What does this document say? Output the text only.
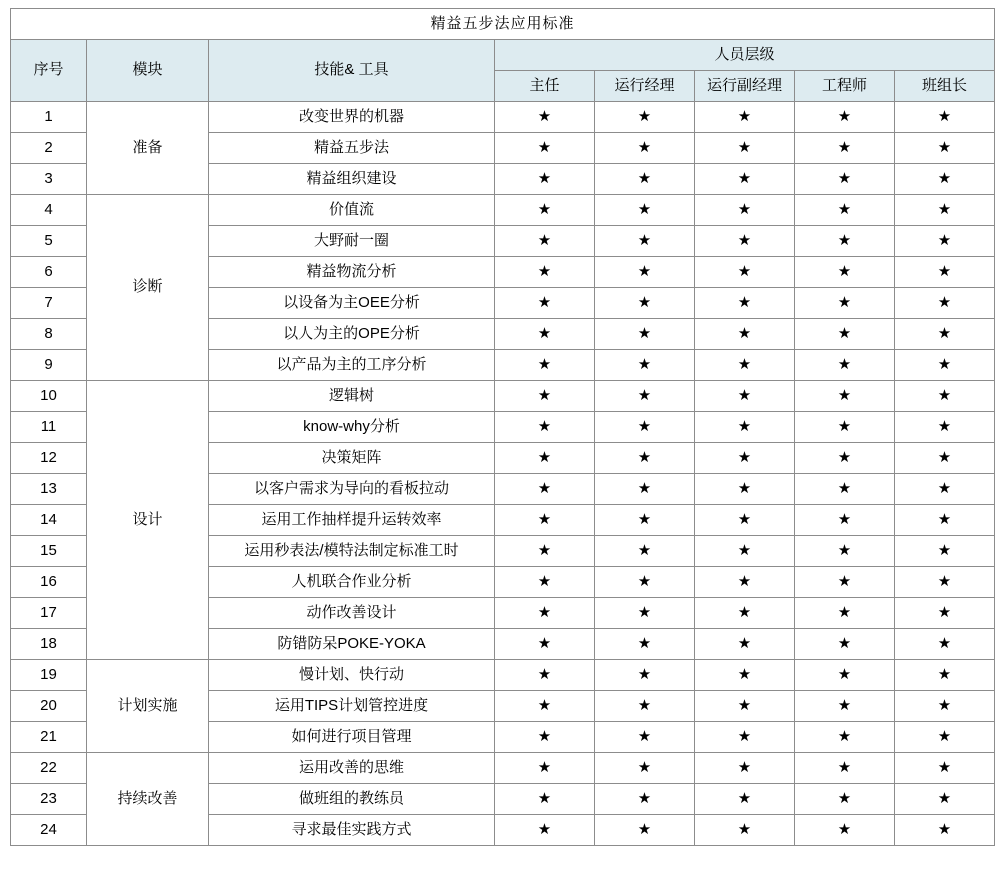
精益五步法应用标准							
序号	模块	技能& 工具	人员层级				
			主任	运行经理	运行副经理	工程师	班组长
1	准备	改变世界的机器	★	★	★	★	★
2		精益五步法	★	★	★	★	★
3		精益组织建设	★	★	★	★	★
4	诊断	价值流	★	★	★	★	★
5		大野耐一圈	★	★	★	★	★
6		精益物流分析	★	★	★	★	★
7		以设备为主OEE分析	★	★	★	★	★
8		以人为主的OPE分析	★	★	★	★	★
9		以产品为主的工序分析	★	★	★	★	★
10	设计	逻辑树	★	★	★	★	★
11		know-why分析	★	★	★	★	★
12		决策矩阵	★	★	★	★	★
13		以客户需求为导向的看板拉动	★	★	★	★	★
14		运用工作抽样提升运转效率	★	★	★	★	★
15		运用秒表法/模特法制定标准工时	★	★	★	★	★
16		人机联合作业分析	★	★	★	★	★
17		动作改善设计	★	★	★	★	★
18		防错防呆POKE-YOKA	★	★	★	★	★
19	计划实施	慢计划、快行动	★	★	★	★	★
20		运用TIPS计划管控进度	★	★	★	★	★
21		如何进行项目管理	★	★	★	★	★
22	持续改善	运用改善的思维	★	★	★	★	★
23		做班组的教练员	★	★	★	★	★
24		寻求最佳实践方式	★	★	★	★	★
